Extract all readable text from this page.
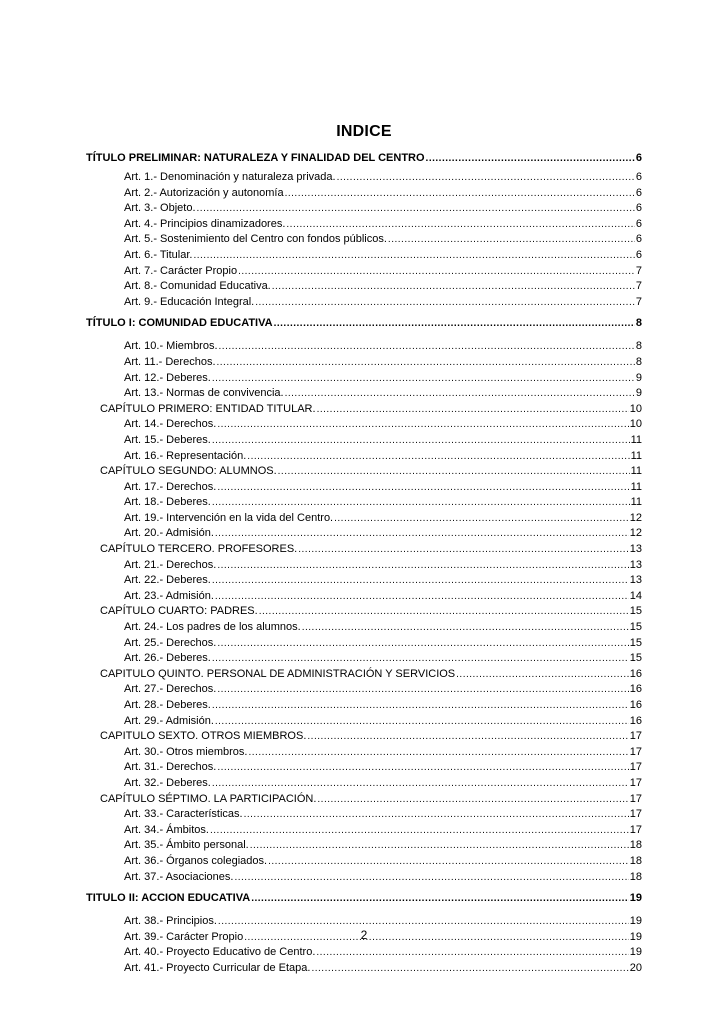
INDICE
TÍTULO PRELIMINAR: NATURALEZA Y FINALIDAD DEL CENTRO .....	6
Art. 1.- Denominación y naturaleza privada. .....	6
Art. 2.- Autorización y autonomía .....	6
Art. 3.- Objeto. .....	6
Art. 4.- Principios dinamizadores. .....	6
Art. 5.- Sostenimiento del Centro con fondos públicos. .....	6
Art. 6.- Titular. .....	6
Art. 7.- Carácter Propio .....	7
Art. 8.- Comunidad Educativa. .....	7
Art. 9.- Educación Integral. .....	7
TÍTULO I: COMUNIDAD EDUCATIVA .....	8
Art. 10.- Miembros. .....	8
Art. 11.- Derechos. .....	8
Art. 12.- Deberes. .....	9
Art. 13.- Normas de convivencia. .....	9
CAPÍTULO PRIMERO: ENTIDAD TITULAR. .....	10
Art. 14.- Derechos. .....	10
Art. 15.- Deberes. .....	11
Art. 16.- Representación. .....	11
CAPÍTULO SEGUNDO: ALUMNOS. .....	11
Art. 17.- Derechos. .....	11
Art. 18.- Deberes. .....	11
Art. 19.- Intervención en la vida del Centro. .....	12
Art. 20.- Admisión. .....	12
CAPÍTULO TERCERO. PROFESORES. .....	13
Art. 21.- Derechos. .....	13
Art. 22.- Deberes. .....	13
Art. 23.- Admisión. .....	14
CAPÍTULO CUARTO: PADRES. .....	15
Art. 24.- Los padres de los alumnos. .....	15
Art. 25.- Derechos. .....	15
Art. 26.- Deberes. .....	15
CAPITULO QUINTO. PERSONAL DE ADMINISTRACIÓN Y SERVICIOS .....	16
Art. 27.- Derechos. .....	16
Art. 28.- Deberes. .....	16
Art. 29.- Admisión. .....	16
CAPITULO SEXTO. OTROS MIEMBROS. .....	17
Art. 30.- Otros miembros. .....	17
Art. 31.- Derechos. .....	17
Art. 32.- Deberes. .....	17
CAPÍTULO SÉPTIMO. LA PARTICIPACIÓN. .....	17
Art. 33.- Características. .....	17
Art. 34.- Ámbitos. .....	17
Art. 35.- Ámbito personal. .....	18
Art. 36.- Órganos colegiados. .....	18
Art. 37.- Asociaciones. .....	18
TITULO II: ACCION EDUCATIVA .....	19
Art. 38.- Principios. .....	19
Art. 39.- Carácter Propio .....	19
Art. 40.- Proyecto Educativo de Centro. .....	19
Art. 41.- Proyecto Curricular de Etapa. .....	20
2
